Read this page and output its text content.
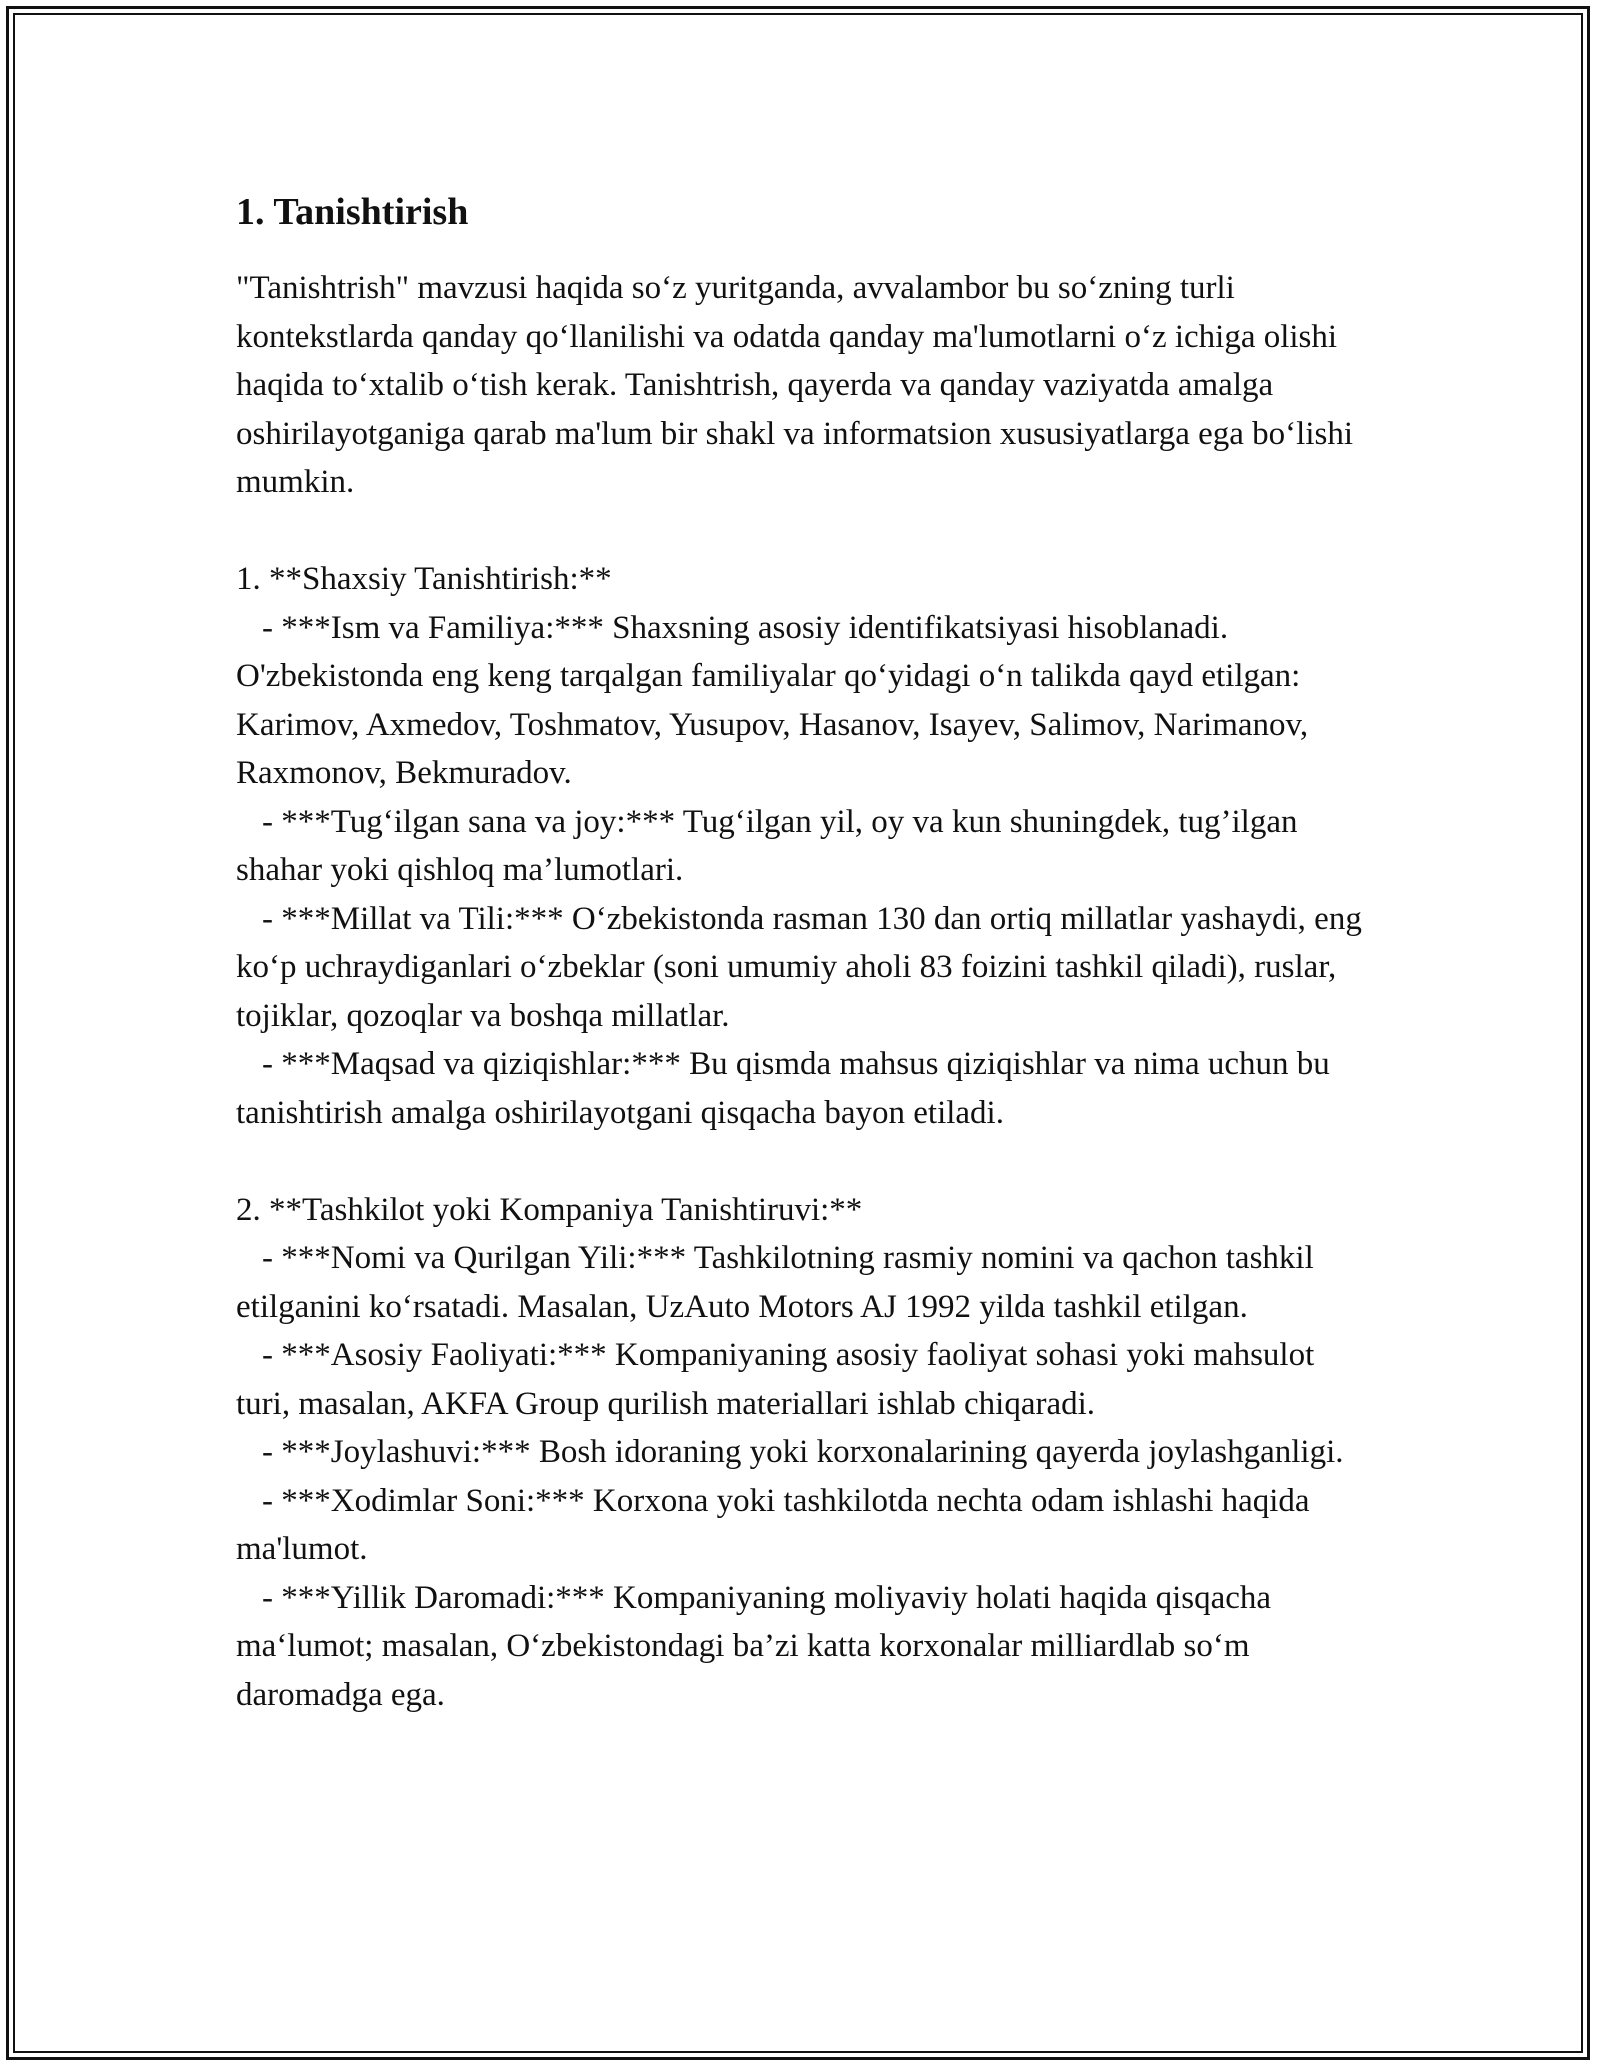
1. Tanishtirish

"Tanishtrish" mavzusi haqida so‘z yuritganda, avvalambor bu so‘zning turli kontekstlarda qanday qo‘llanilishi va odatda qanday ma'lumotlarni o‘z ichiga olishi haqida to‘xtalib o‘tish kerak. Tanishtrish, qayerda va qanday vaziyatda amalga oshirilayotganiga qarab ma'lum bir shakl va informatsion xususiyatlarga ega bo‘lishi mumkin.

1. **Shaxsiy Tanishtirish:**

- ***Ism va Familiya:*** Shaxsning asosiy identifikatsiyasi hisoblanadi. O'zbekistonda eng keng tarqalgan familiyalar qo‘yidagi o‘n talikda qayd etilgan: Karimov, Axmedov, Toshmatov, Yusupov, Hasanov, Isayev, Salimov, Narimanov, Raxmonov, Bekmuradov.

- ***Tug‘ilgan sana va joy:*** Tug‘ilgan yil, oy va kun shuningdek, tug’ilgan shahar yoki qishloq ma’lumotlari.

- ***Millat va Tili:*** O‘zbekistonda rasman 130 dan ortiq millatlar yashaydi, eng ko‘p uchraydiganlari o‘zbeklar (soni umumiy aholi 83 foizini tashkil qiladi), ruslar, tojiklar, qozoqlar va boshqa millatlar.

- ***Maqsad va qiziqishlar:*** Bu qismda mahsus qiziqishlar va nima uchun bu tanishtirish amalga oshirilayotgani qisqacha bayon etiladi.

2. **Tashkilot yoki Kompaniya Tanishtiruvi:**

- ***Nomi va Qurilgan Yili:*** Tashkilotning rasmiy nomini va qachon tashkil etilganini ko‘rsatadi. Masalan, UzAuto Motors AJ 1992 yilda tashkil etilgan.

- ***Asosiy Faoliyati:*** Kompaniyaning asosiy faoliyat sohasi yoki mahsulot turi, masalan, AKFA Group qurilish materiallari ishlab chiqaradi.

- ***Joylashuvi:*** Bosh idoraning yoki korxonalarining qayerda joylashganligi.

- ***Xodimlar Soni:*** Korxona yoki tashkilotda nechta odam ishlashi haqida ma'lumot.

- ***Yillik Daromadi:*** Kompaniyaning moliyaviy holati haqida qisqacha ma‘lumot; masalan, O‘zbekistondagi ba’zi katta korxonalar milliardlab so‘m daromadga ega.
